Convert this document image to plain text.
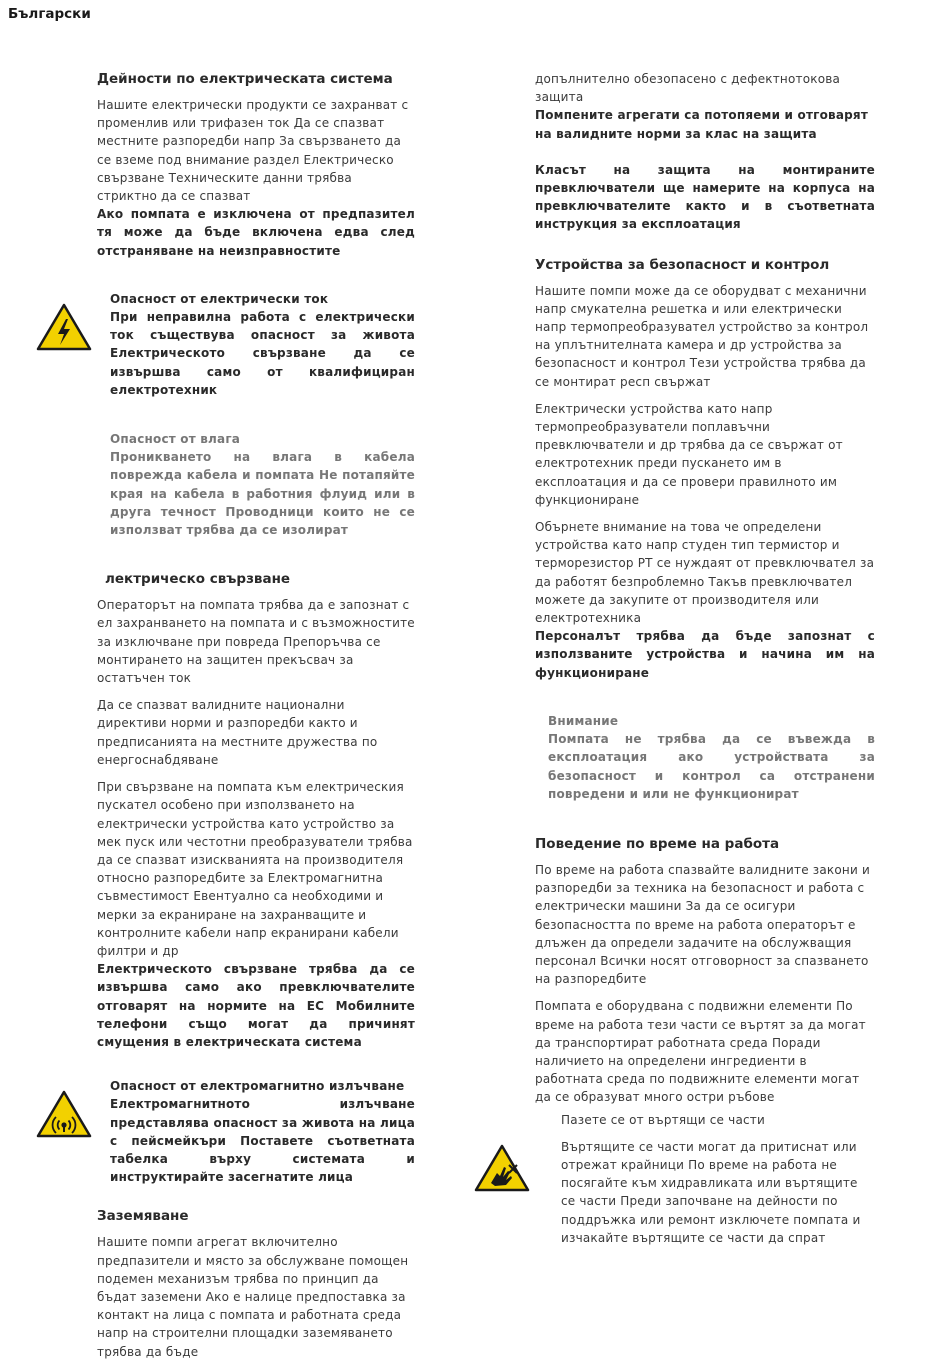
Български
Дейности по електрическата система

Нашите електрически продукти се захранват с променлив или трифазен ток Да се спазват местните разпоредби напр За свързването да се вземе под внимание раздел Електрическо свързване Техническите данни трябва стриктно да се спазват

Ако помпата е изключена от предпазител тя може да бъде включена едва след отстраняване на неизправностите

Опасност от електрически ток

При неправилна работа с електрически ток съществува опасност за живота Електрическото свързване да се извършва само от квалифициран електротехник

Опасност от влага

Проникването на влага в кабела поврежда кабела и помпата Не потапяйте края на кабела в работния флуид или в друга течност Проводници които не се използват трябва да се изолират

лектрическо свързване

Операторът на помпата трябва да е запознат с ел захранването на помпата и с възможностите за изключване при повреда Препоръчва се монтирането на защитен прекъсвач за остатъчен ток

Да се спазват валидните национални директиви норми и разпоредби както и предписанията на местните дружества по енергоснабдяване

При свързване на помпата към електрическия пускател особено при използването на електрически устройства като устройство за мек пуск или честотни преобразуватели трябва да се спазват изискванията на производителя относно разпоредбите за Електромагнитна съвместимост Евентуално са необходими и мерки за екраниране на захранващите и контролните кабели напр екранирани кабели филтри и др

Електрическото свързване трябва да се извършва само ако превключвателите отговарят на нормите на ЕС Мобилните телефони също могат да причинят смущения в електрическата система

Опасност от електромагнитно излъчване

Електромагнитното излъчване представлява опасност за живота на лица с пейсмейкъри Поставете съответната табелка върху системата и инструктирайте засегнатите лица

Заземяване

Нашите помпи агрегат включително предпазители и място за обслужване помощен подемен механизъм трябва по принцип да бъдат заземени Ако е налице предпоставка за контакт на лица с помпата и работната среда напр на строителни площадки заземяването трябва да бъде

допълнително обезопасено с дефектнотокова защита

Помпените агрегати са потопяеми и отговарят на валидните норми за клас на защита

Класът на защита на монтираните превключватели ще намерите на корпуса на превключвателите както и в съответната инструкция за експлоатация

Устройства за безопасност и контрол

Нашите помпи може да се оборудват с механични напр смукателна решетка и или електрически напр термопреобразувател устройство за контрол на уплътнителната камера и др устройства за безопасност и контрол Тези устройства трябва да се монтират респ свържат

Електрически устройства като напр термопреобразуватели поплавъчни превключватели и др трябва да се свържат от електротехник преди пускането им в експлоатация и да се провери правилното им функциониране

Обърнете внимание на това че определени устройства като напр студен тип термистор и терморезистор PT се нуждаят от превключвател за да работят безпроблемно Такъв превключвател можете да закупите от производителя или електротехника

Персоналът трябва да бъде запознат с използваните устройства и начина им на функциониране

Внимание

Помпата не трябва да се въвежда в експлоатация ако устройствата за безопасност и контрол са отстранени повредени и или не функционират

Поведение по време на работа

По време на работа спазвайте валидните закони и разпоредби за техника на безопасност и работа с електрически машини За да се осигури безопасността по време на работа операторът е длъжен да определи задачите на обслужващия персонал Всички носят отговорност за спазването на разпоредбите

Помпата е оборудвана с подвижни елементи По време на работа тези части се въртят за да могат да транспортират работната среда Поради наличието на определени ингредиенти в работната среда по подвижните елементи могат да се образуват много остри ръбове

Пазете се от въртящи се части

Въртящите се части могат да притиснат или отрежат крайници По време на работа не посягайте към хидравликата или въртящите се части Преди започване на дейности по поддръжка или ремонт изключете помпата и изчакайте въртящите се части да спрат
